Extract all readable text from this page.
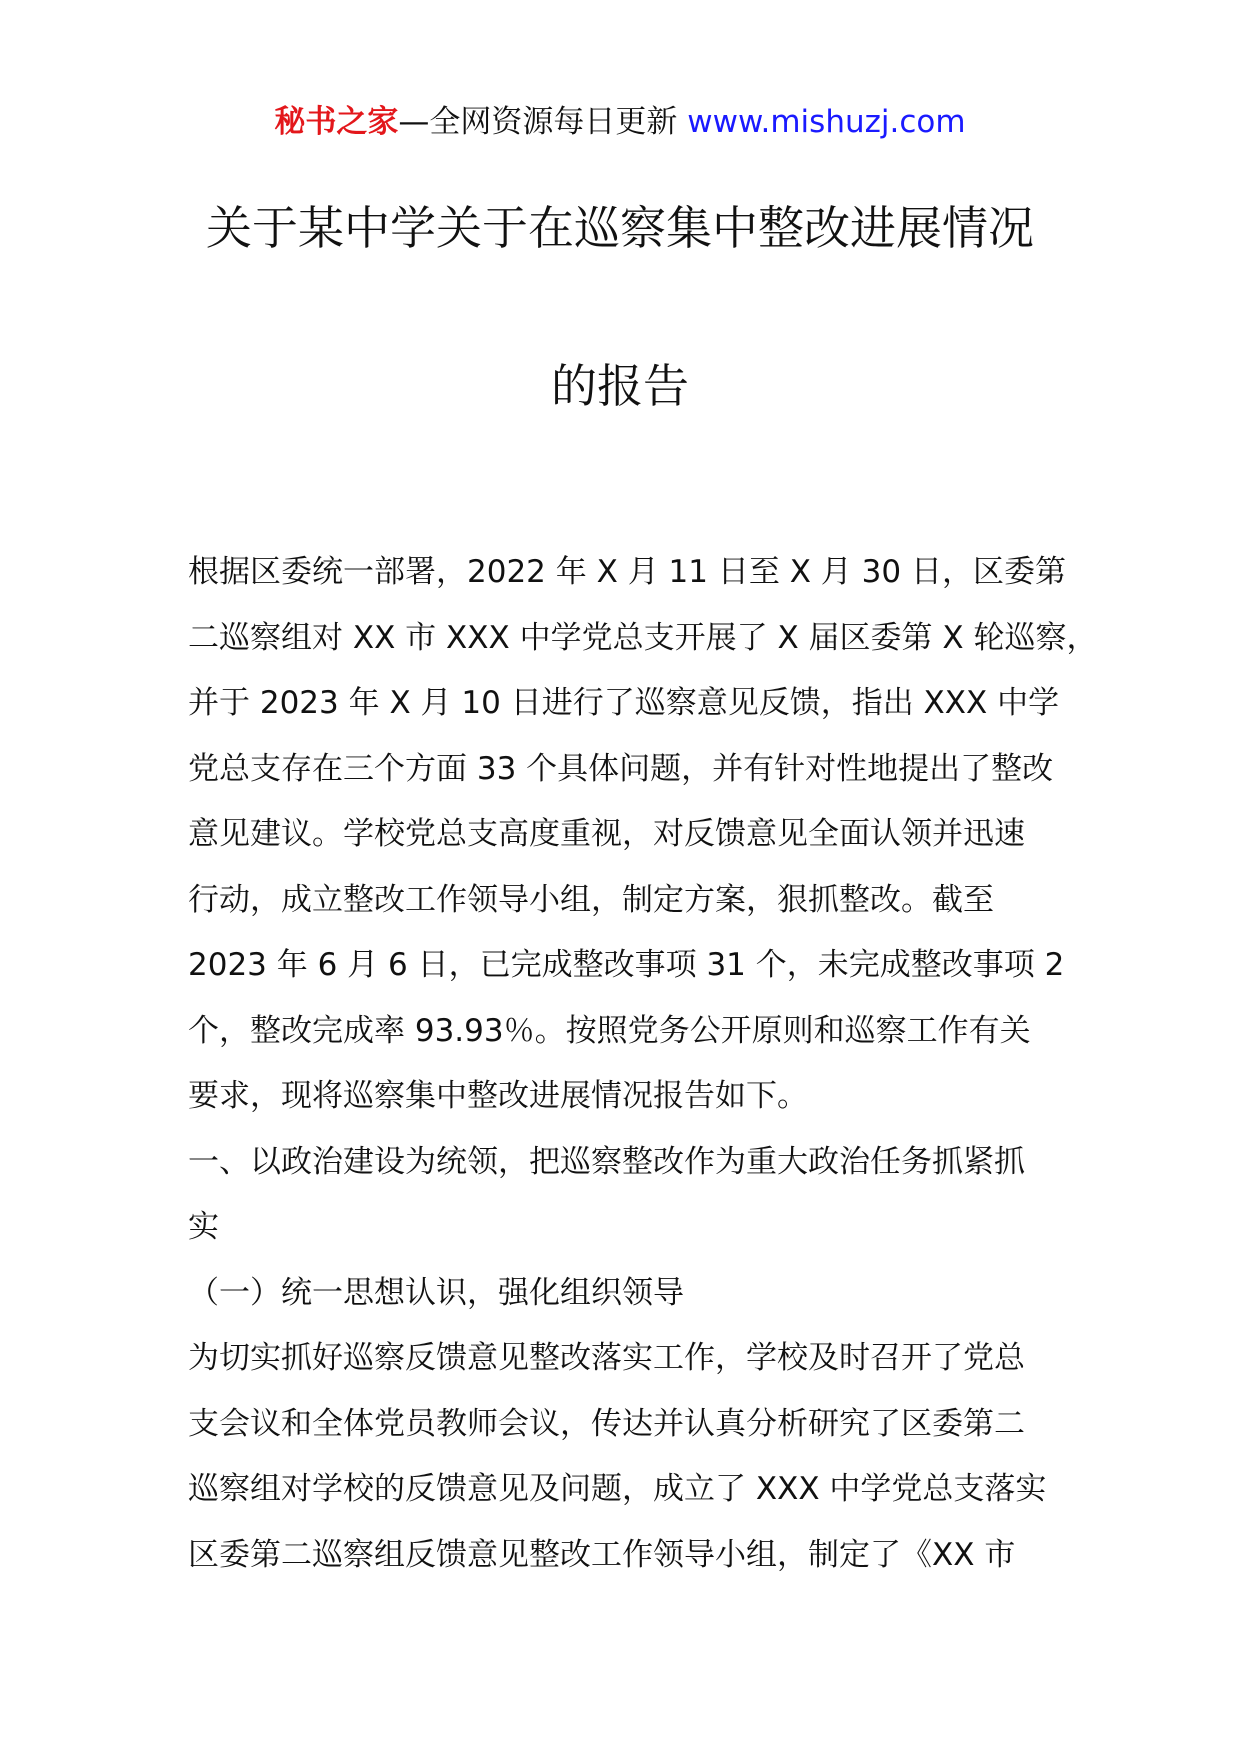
秘书之家—全网资源每日更新 www.mishuzj.com
关于某中学关于在巡察集中整改进展情况
的报告
根据区委统一部署，2022 年 X 月 11 日至 X 月 30 日，区委第
二巡察组对 XX 市 XXX 中学党总支开展了 X 届区委第 X 轮巡察，
并于 2023 年 X 月 10 日进行了巡察意见反馈，指出 XXX 中学
党总支存在三个方面 33 个具体问题，并有针对性地提出了整改
意见建议。学校党总支高度重视，对反馈意见全面认领并迅速
行动，成立整改工作领导小组，制定方案，狠抓整改。截至
2023 年 6 月 6 日，已完成整改事项 31 个，未完成整改事项 2
个，整改完成率 93.93％。按照党务公开原则和巡察工作有关
要求，现将巡察集中整改进展情况报告如下。
一、以政治建设为统领，把巡察整改作为重大政治任务抓紧抓
实
（一）统一思想认识，强化组织领导
为切实抓好巡察反馈意见整改落实工作，学校及时召开了党总
支会议和全体党员教师会议，传达并认真分析研究了区委第二
巡察组对学校的反馈意见及问题，成立了 XXX 中学党总支落实
区委第二巡察组反馈意见整改工作领导小组，制定了《XX 市
